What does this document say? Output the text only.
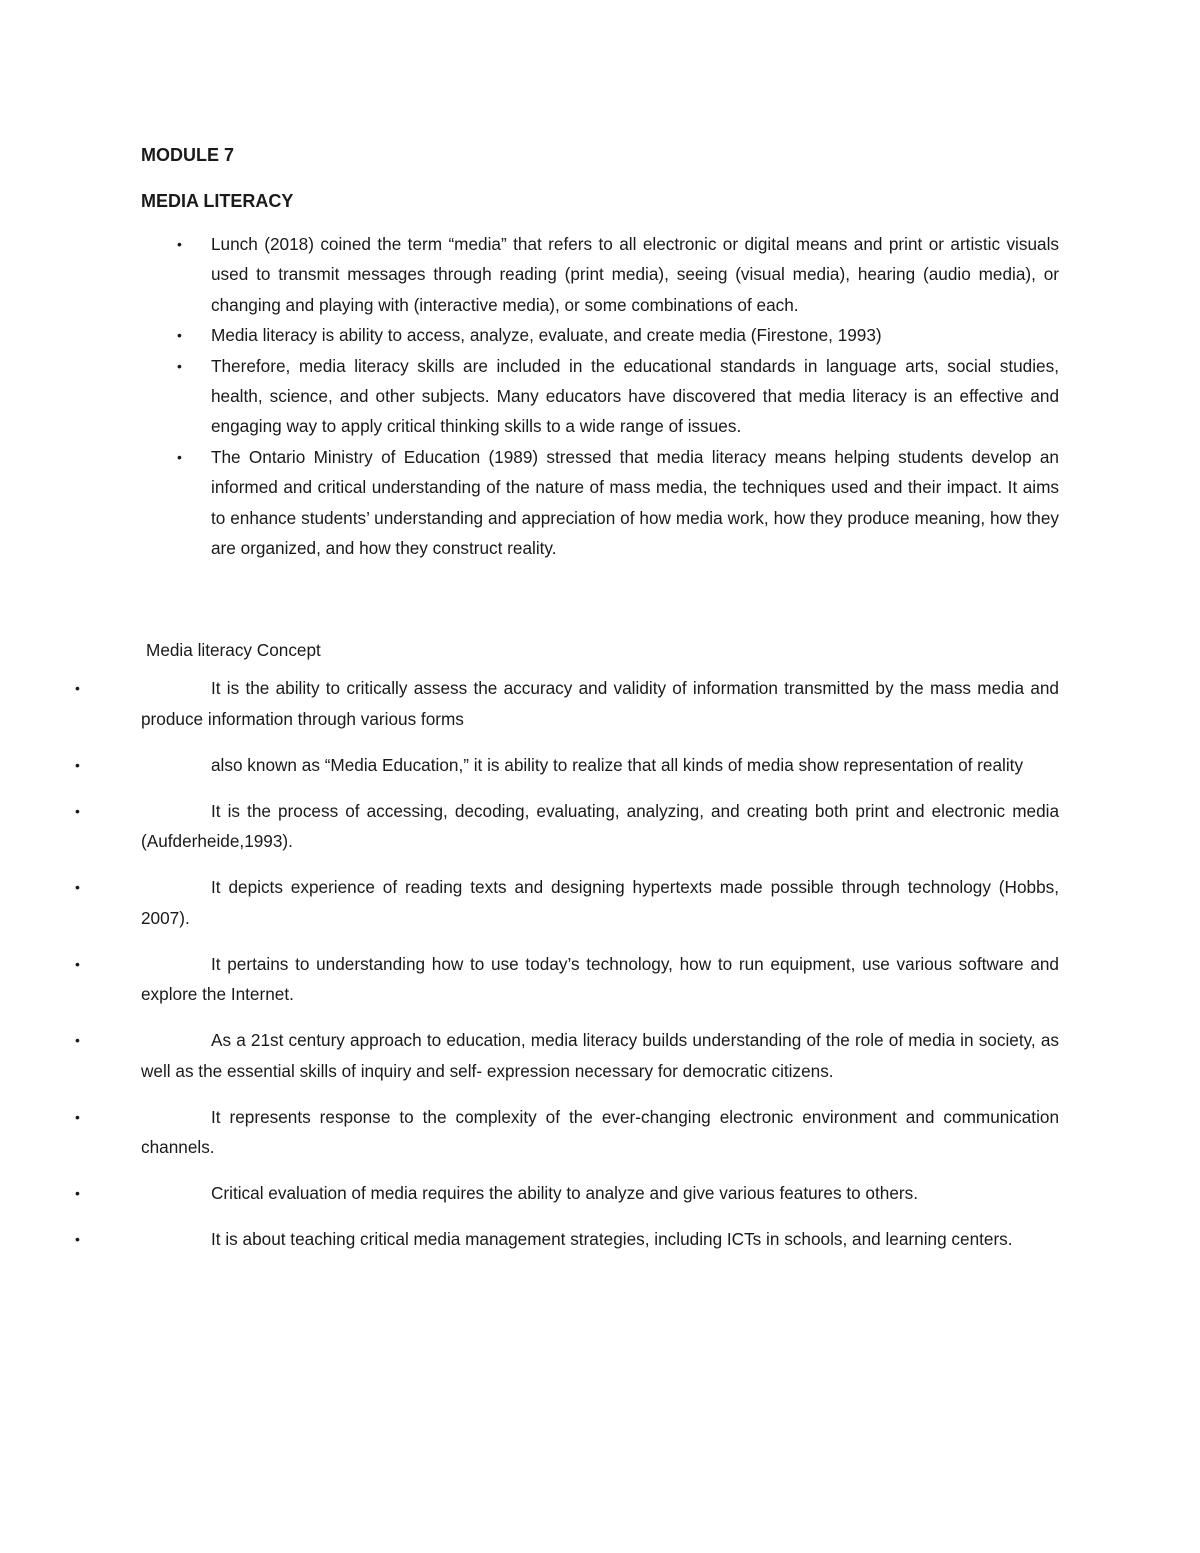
MODULE 7
MEDIA LITERACY
• Lunch (2018) coined the term “media” that refers to all electronic or digital means and print or artistic visuals used to transmit messages through reading (print media), seeing (visual media), hearing (audio media), or changing and playing with (interactive media), or some combinations of each.
• Media literacy is ability to access, analyze, evaluate, and create media (Firestone, 1993)
• Therefore, media literacy skills are included in the educational standards in language arts, social studies, health, science, and other subjects. Many educators have discovered that media literacy is an effective and engaging way to apply critical thinking skills to a wide range of issues.
• The Ontario Ministry of Education (1989) stressed that media literacy means helping students develop an informed and critical understanding of the nature of mass media, the techniques used and their impact. It aims to enhance students’ understanding and appreciation of how media work, how they produce meaning, how they are organized, and how they construct reality.

Media literacy Concept

•	It is the ability to critically assess the accuracy and validity of information transmitted by the mass media and produce information through various forms
•	also known as “Media Education,” it is ability to realize that all kinds of media show representation of reality
•	It is the process of accessing, decoding, evaluating, analyzing, and creating both print and electronic media (Aufderheide,1993).
•	It depicts experience of reading texts and designing hypertexts made possible through technology (Hobbs, 2007).
•	It pertains to understanding how to use today’s technology, how to run equipment, use various software and explore the Internet.
•	As a 21st century approach to education, media literacy builds understanding of the role of media in society, as well as the essential skills of inquiry and self- expression necessary for democratic citizens.
•	It represents response to the complexity of the ever-changing electronic environment and communication channels.
•	Critical evaluation of media requires the ability to analyze and give various features to others.
•	It is about teaching critical media management strategies, including ICTs in schools, and learning centers.
